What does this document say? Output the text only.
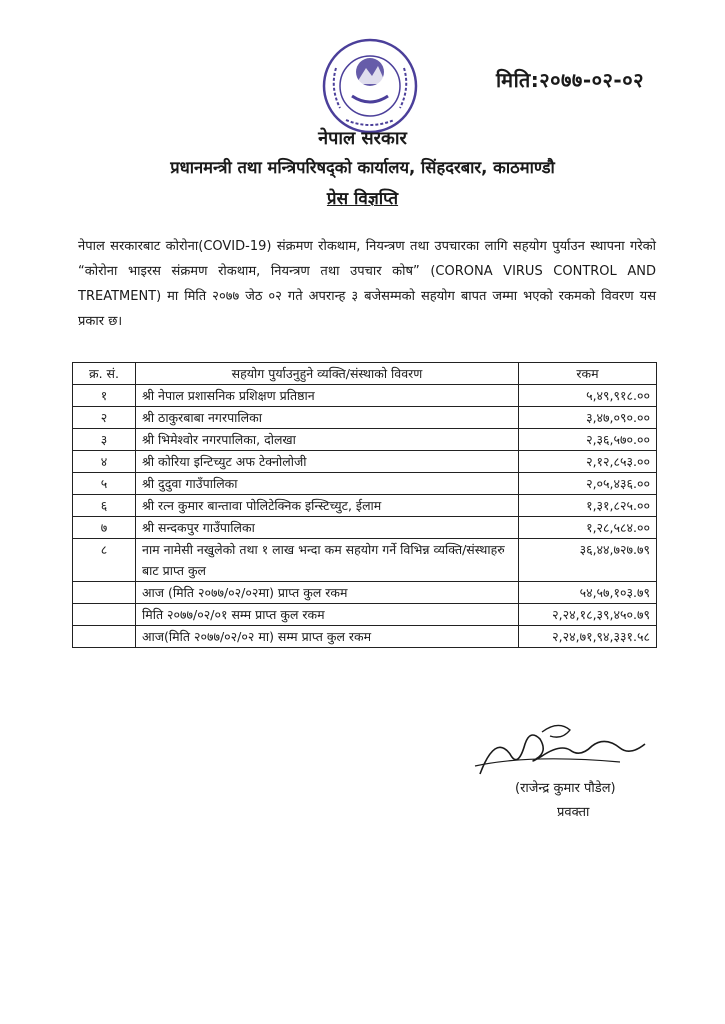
मिति:२०७७-०२-०२
नेपाल सरकार
प्रधानमन्त्री तथा मन्त्रिपरिषद्को कार्यालय, सिंहदरबार, काठमाण्डौ
प्रेस विज्ञप्ति
नेपाल सरकारबाट कोरोना(COVID-19) संक्रमण रोकथाम, नियन्त्रण तथा उपचारका लागि सहयोग पुर्याउन स्थापना गरेको “कोरोना भाइरस संक्रमण रोकथाम, नियन्त्रण तथा उपचार कोष” (CORONA VIRUS CONTROL AND TREATMENT) मा मिति २०७७ जेठ ०२ गते अपरान्ह ३ बजेसम्मको सहयोग बापत जम्मा भएको रकमको विवरण यस प्रकार छ।
क्र. सं.	सहयोग पुर्याउनुहुने व्यक्ति/संस्थाको विवरण	रकम
१	श्री नेपाल प्रशासनिक प्रशिक्षण प्रतिष्ठान	५,४९,९१८.००
२	श्री ठाकुरबाबा नगरपालिका	३,४७,०९०.००
३	श्री भिमेश्वोर नगरपालिका, दोलखा	२,३६,५७०.००
४	श्री कोरिया इन्टिच्युट अफ टेक्नोलोजी	२,१२,८५३.००
५	श्री दुदुवा गाउँपालिका	२,०५,४३६.००
६	श्री रत्न कुमार बान्तावा पोलिटेक्निक इन्स्टिच्युट, ईलाम	१,३१,८२५.००
७	श्री सन्दकपुर गाउँपालिका	१,२८,५८४.००
८	नाम नामेसी नखुलेको तथा १ लाख भन्दा कम सहयोग गर्ने विभिन्न व्यक्ति/संस्थाहरु बाट प्राप्त कुल	३६,४४,७२७.७९
	आज (मिति २०७७/०२/०२मा) प्राप्त कुल रकम	५४,५७,१०३.७९
	मिति २०७७/०२/०१ सम्म प्राप्त कुल रकम	२,२४,१८,३९,४५०.७९
	आज(मिति २०७७/०२/०२ मा) सम्म प्राप्त कुल रकम	२,२४,७१,९४,३३१.५८
(राजेन्द्र कुमार पौडेल)
प्रवक्ता
